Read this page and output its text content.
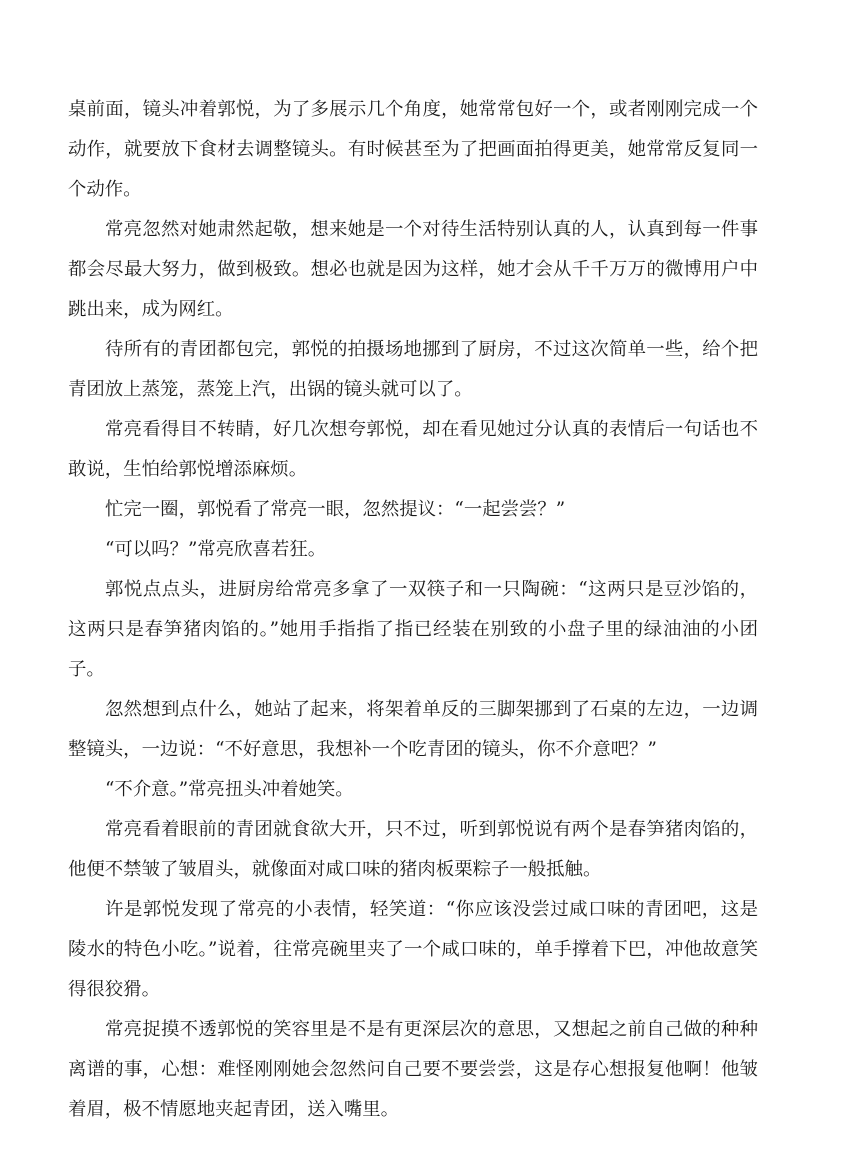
桌前面，镜头冲着郭悦，为了多展示几个角度，她常常包好一个，或者刚刚完成一个动作，就要放下食材去调整镜头。有时候甚至为了把画面拍得更美，她常常反复同一个动作。

常亮忽然对她肃然起敬，想来她是一个对待生活特别认真的人，认真到每一件事都会尽最大努力，做到极致。想必也就是因为这样，她才会从千千万万的微博用户中跳出来，成为网红。

待所有的青团都包完，郭悦的拍摄场地挪到了厨房，不过这次简单一些，给个把青团放上蒸笼，蒸笼上汽，出锅的镜头就可以了。

常亮看得目不转睛，好几次想夸郭悦，却在看见她过分认真的表情后一句话也不敢说，生怕给郭悦增添麻烦。

忙完一圈，郭悦看了常亮一眼，忽然提议：“一起尝尝？”

“可以吗？”常亮欣喜若狂。

郭悦点点头，进厨房给常亮多拿了一双筷子和一只陶碗：“这两只是豆沙馅的，这两只是春笋猪肉馅的。”她用手指指了指已经装在别致的小盘子里的绿油油的小团子。

忽然想到点什么，她站了起来，将架着单反的三脚架挪到了石桌的左边，一边调整镜头，一边说：“不好意思，我想补一个吃青团的镜头，你不介意吧？”

“不介意。”常亮扭头冲着她笑。

常亮看着眼前的青团就食欲大开，只不过，听到郭悦说有两个是春笋猪肉馅的，他便不禁皱了皱眉头，就像面对咸口味的猪肉板栗粽子一般抵触。

许是郭悦发现了常亮的小表情，轻笑道：“你应该没尝过咸口味的青团吧，这是陵水的特色小吃。”说着，往常亮碗里夹了一个咸口味的，单手撑着下巴，冲他故意笑得很狡猾。

常亮捉摸不透郭悦的笑容里是不是有更深层次的意思，又想起之前自己做的种种离谱的事，心想：难怪刚刚她会忽然问自己要不要尝尝，这是存心想报复他啊！他皱着眉，极不情愿地夹起青团，送入嘴里。
